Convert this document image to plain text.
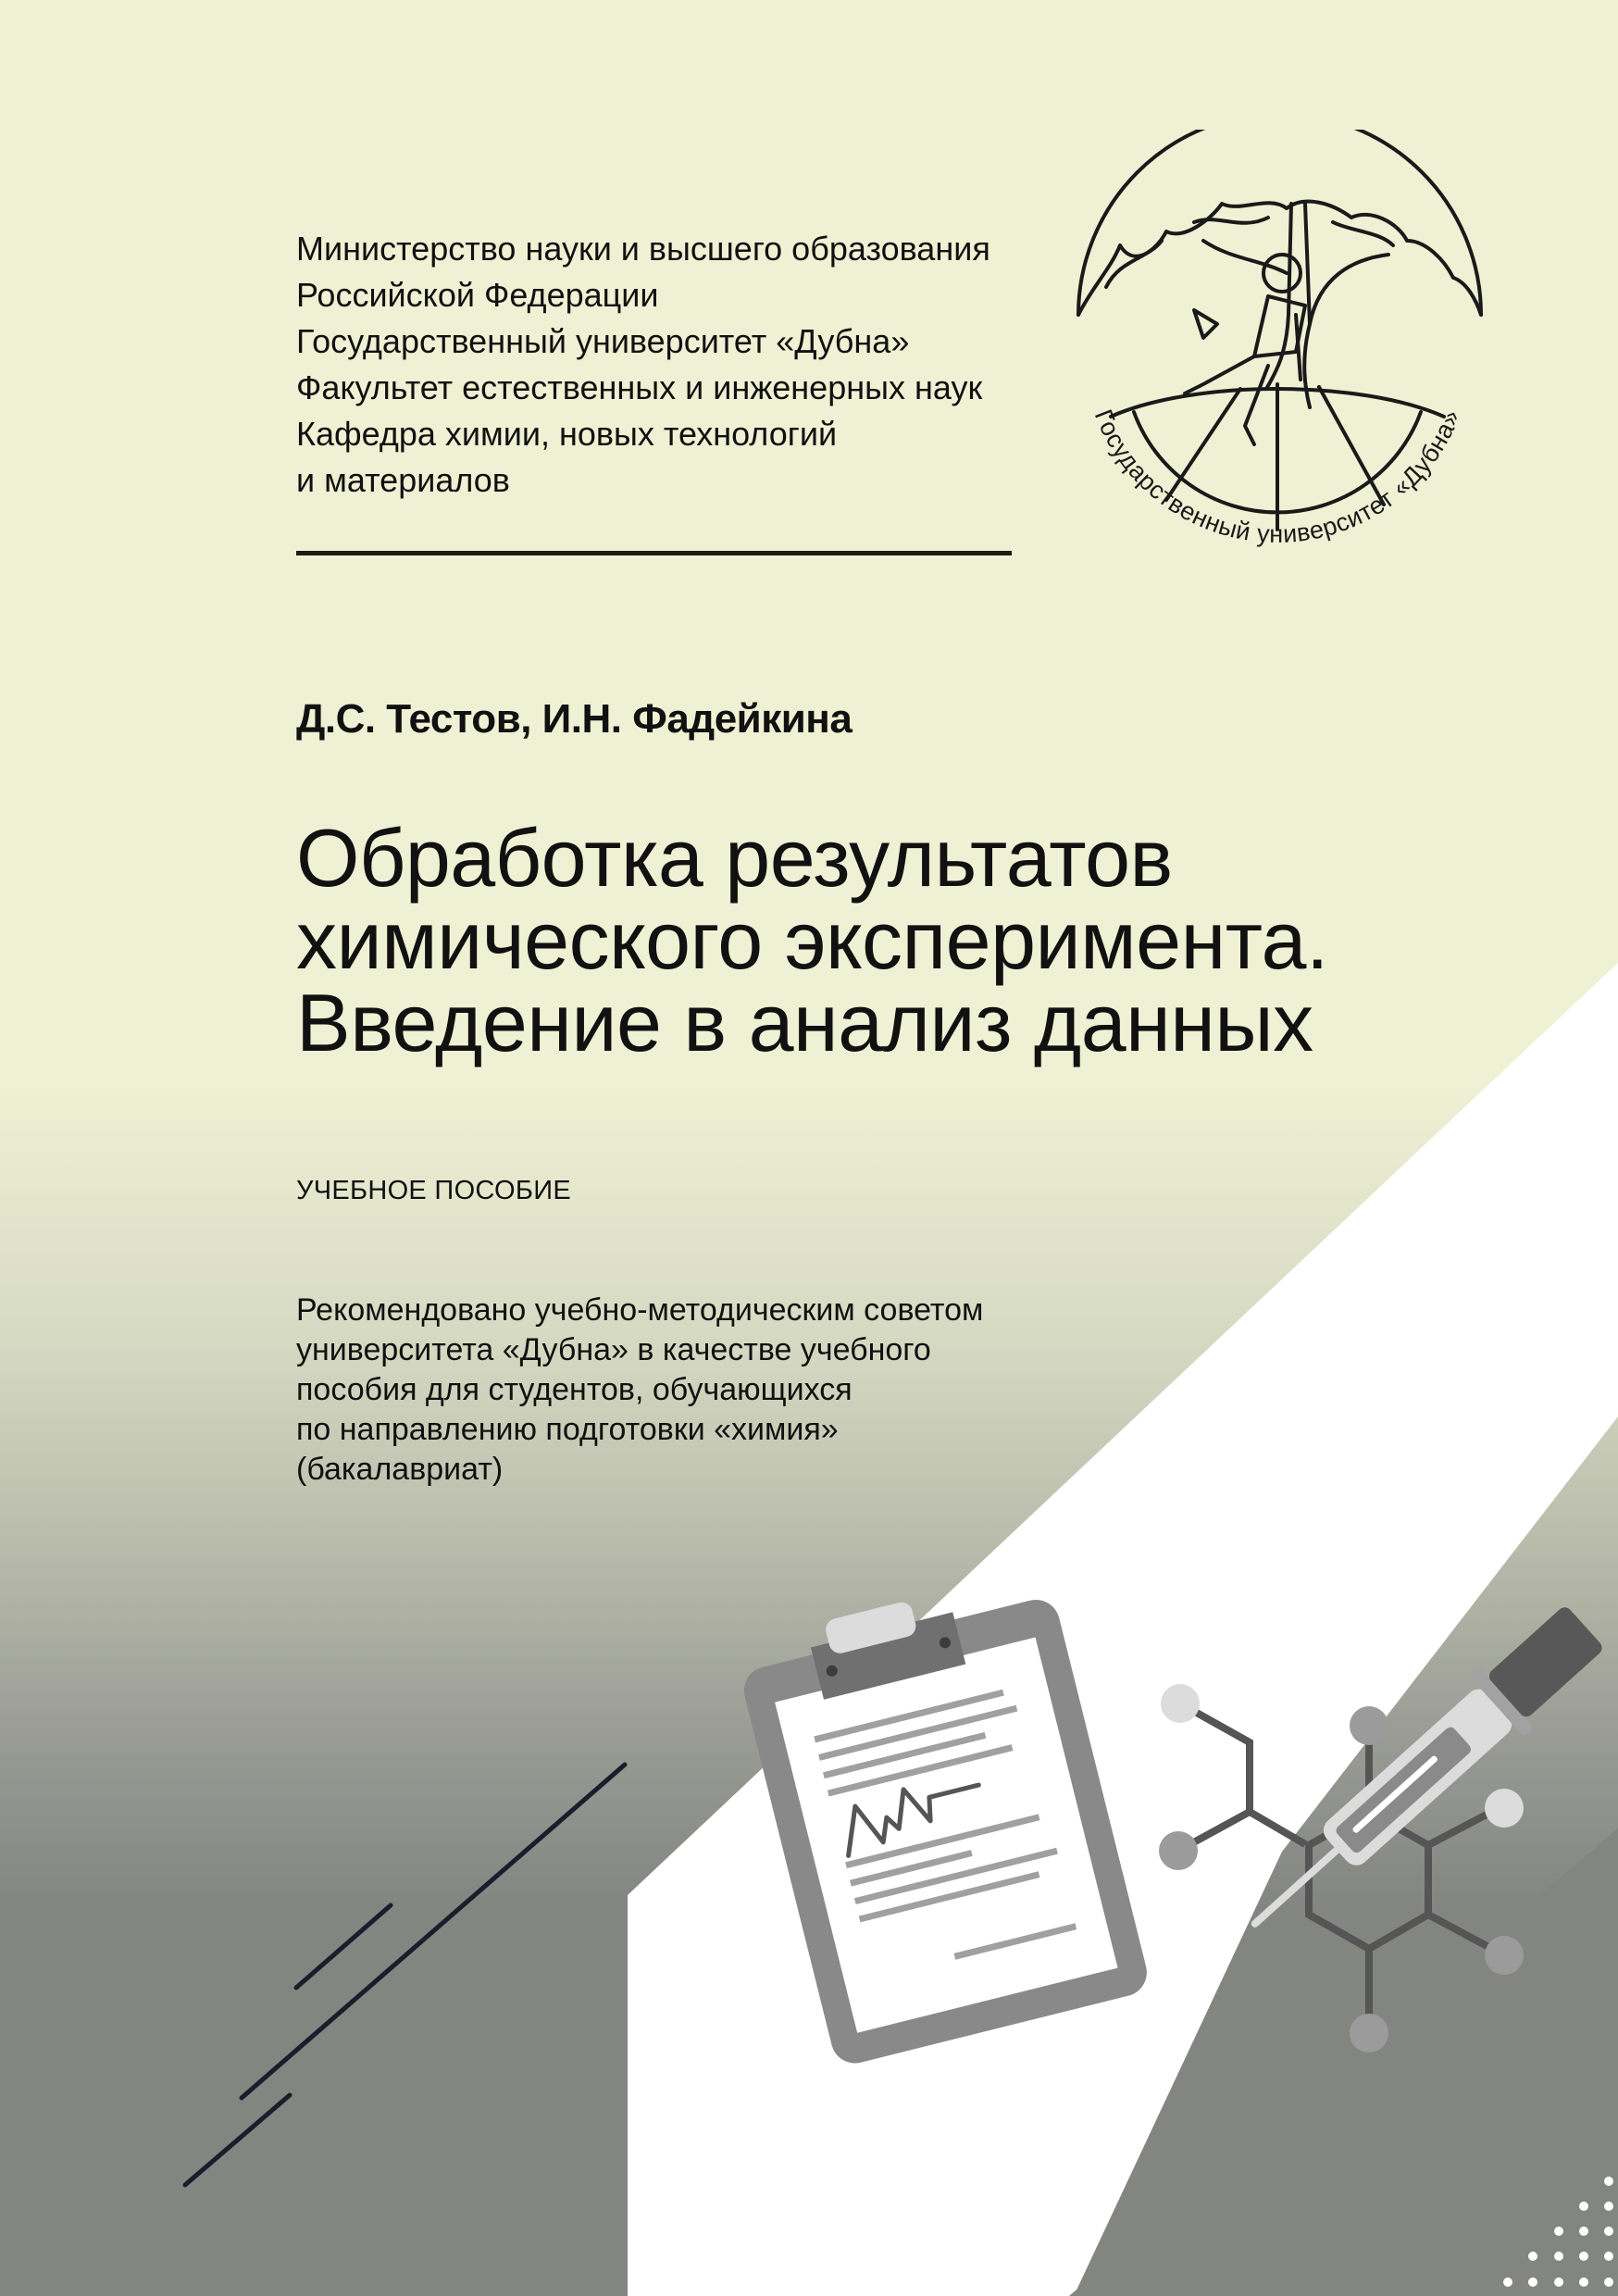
Государственный университет «Дубна»
Министерство науки и высшего образования
Российской Федерации
Государственный университет «Дубна»
Факультет естественных и инженерных наук
Кафедра химии, новых технологий
и материалов
Д.С. Тестов, И.Н. Фадейкина
Обработка результатов
химического эксперимента.
Введение в анализ данных
УЧЕБНОЕ ПОСОБИЕ
Рекомендовано учебно-методическим советом
университета «Дубна» в качестве учебного
пособия для студентов, обучающихся
по направлению подготовки «химия»
(бакалавриат)
